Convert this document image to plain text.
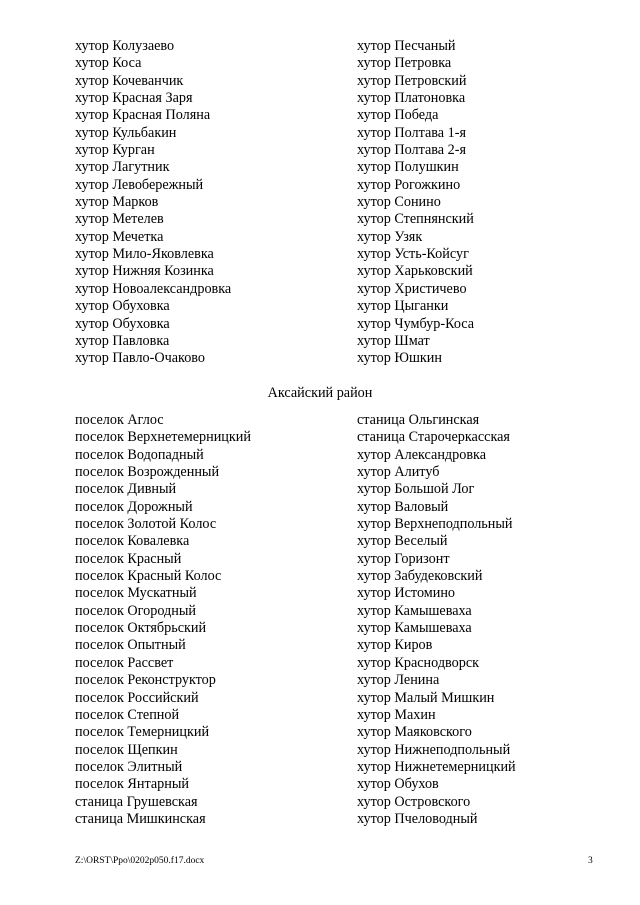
хутор Колузаево
хутор Коса
хутор Кочеванчик
хутор Красная Заря
хутор Красная Поляна
хутор Кульбакин
хутор Курган
хутор Лагутник
хутор Левобережный
хутор Марков
хутор Метелев
хутор Мечетка
хутор Мило-Яковлевка
хутор Нижняя Козинка
хутор Новоалександровка
хутор Обуховка
хутор Обуховка
хутор Павловка
хутор Павло-Очаково
хутор Песчаный
хутор Петровка
хутор Петровский
хутор Платоновка
хутор Победа
хутор Полтава 1-я
хутор Полтава 2-я
хутор Полушкин
хутор Рогожкино
хутор Сонино
хутор Степнянский
хутор Узяк
хутор Усть-Койсуг
хутор Харьковский
хутор Христичево
хутор Цыганки
хутор Чумбур-Коса
хутор Шмат
хутор Юшкин
Аксайский район
поселок Аглос
поселок Верхнетемерницкий
поселок Водопадный
поселок Возрожденный
поселок Дивный
поселок Дорожный
поселок Золотой Колос
поселок Ковалевка
поселок Красный
поселок Красный Колос
поселок Мускатный
поселок Огородный
поселок Октябрьский
поселок Опытный
поселок Рассвет
поселок Реконструктор
поселок Российский
поселок Степной
поселок Темерницкий
поселок Щепкин
поселок Элитный
поселок Янтарный
станица Грушевская
станица Мишкинская
станица Ольгинская
станица Старочеркасская
хутор Александровка
хутор Алитуб
хутор Большой Лог
хутор Валовый
хутор Верхнеподпольный
хутор Веселый
хутор Горизонт
хутор Забудековский
хутор Истомино
хутор Камышеваха
хутор Камышеваха
хутор Киров
хутор Краснодворск
хутор Ленина
хутор Малый Мишкин
хутор Махин
хутор Маяковского
хутор Нижнеподпольный
хутор Нижнетемерницкий
хутор Обухов
хутор Островского
хутор Пчеловодный
Z:\ORST\Ppo\0202p050.f17.docx	3
